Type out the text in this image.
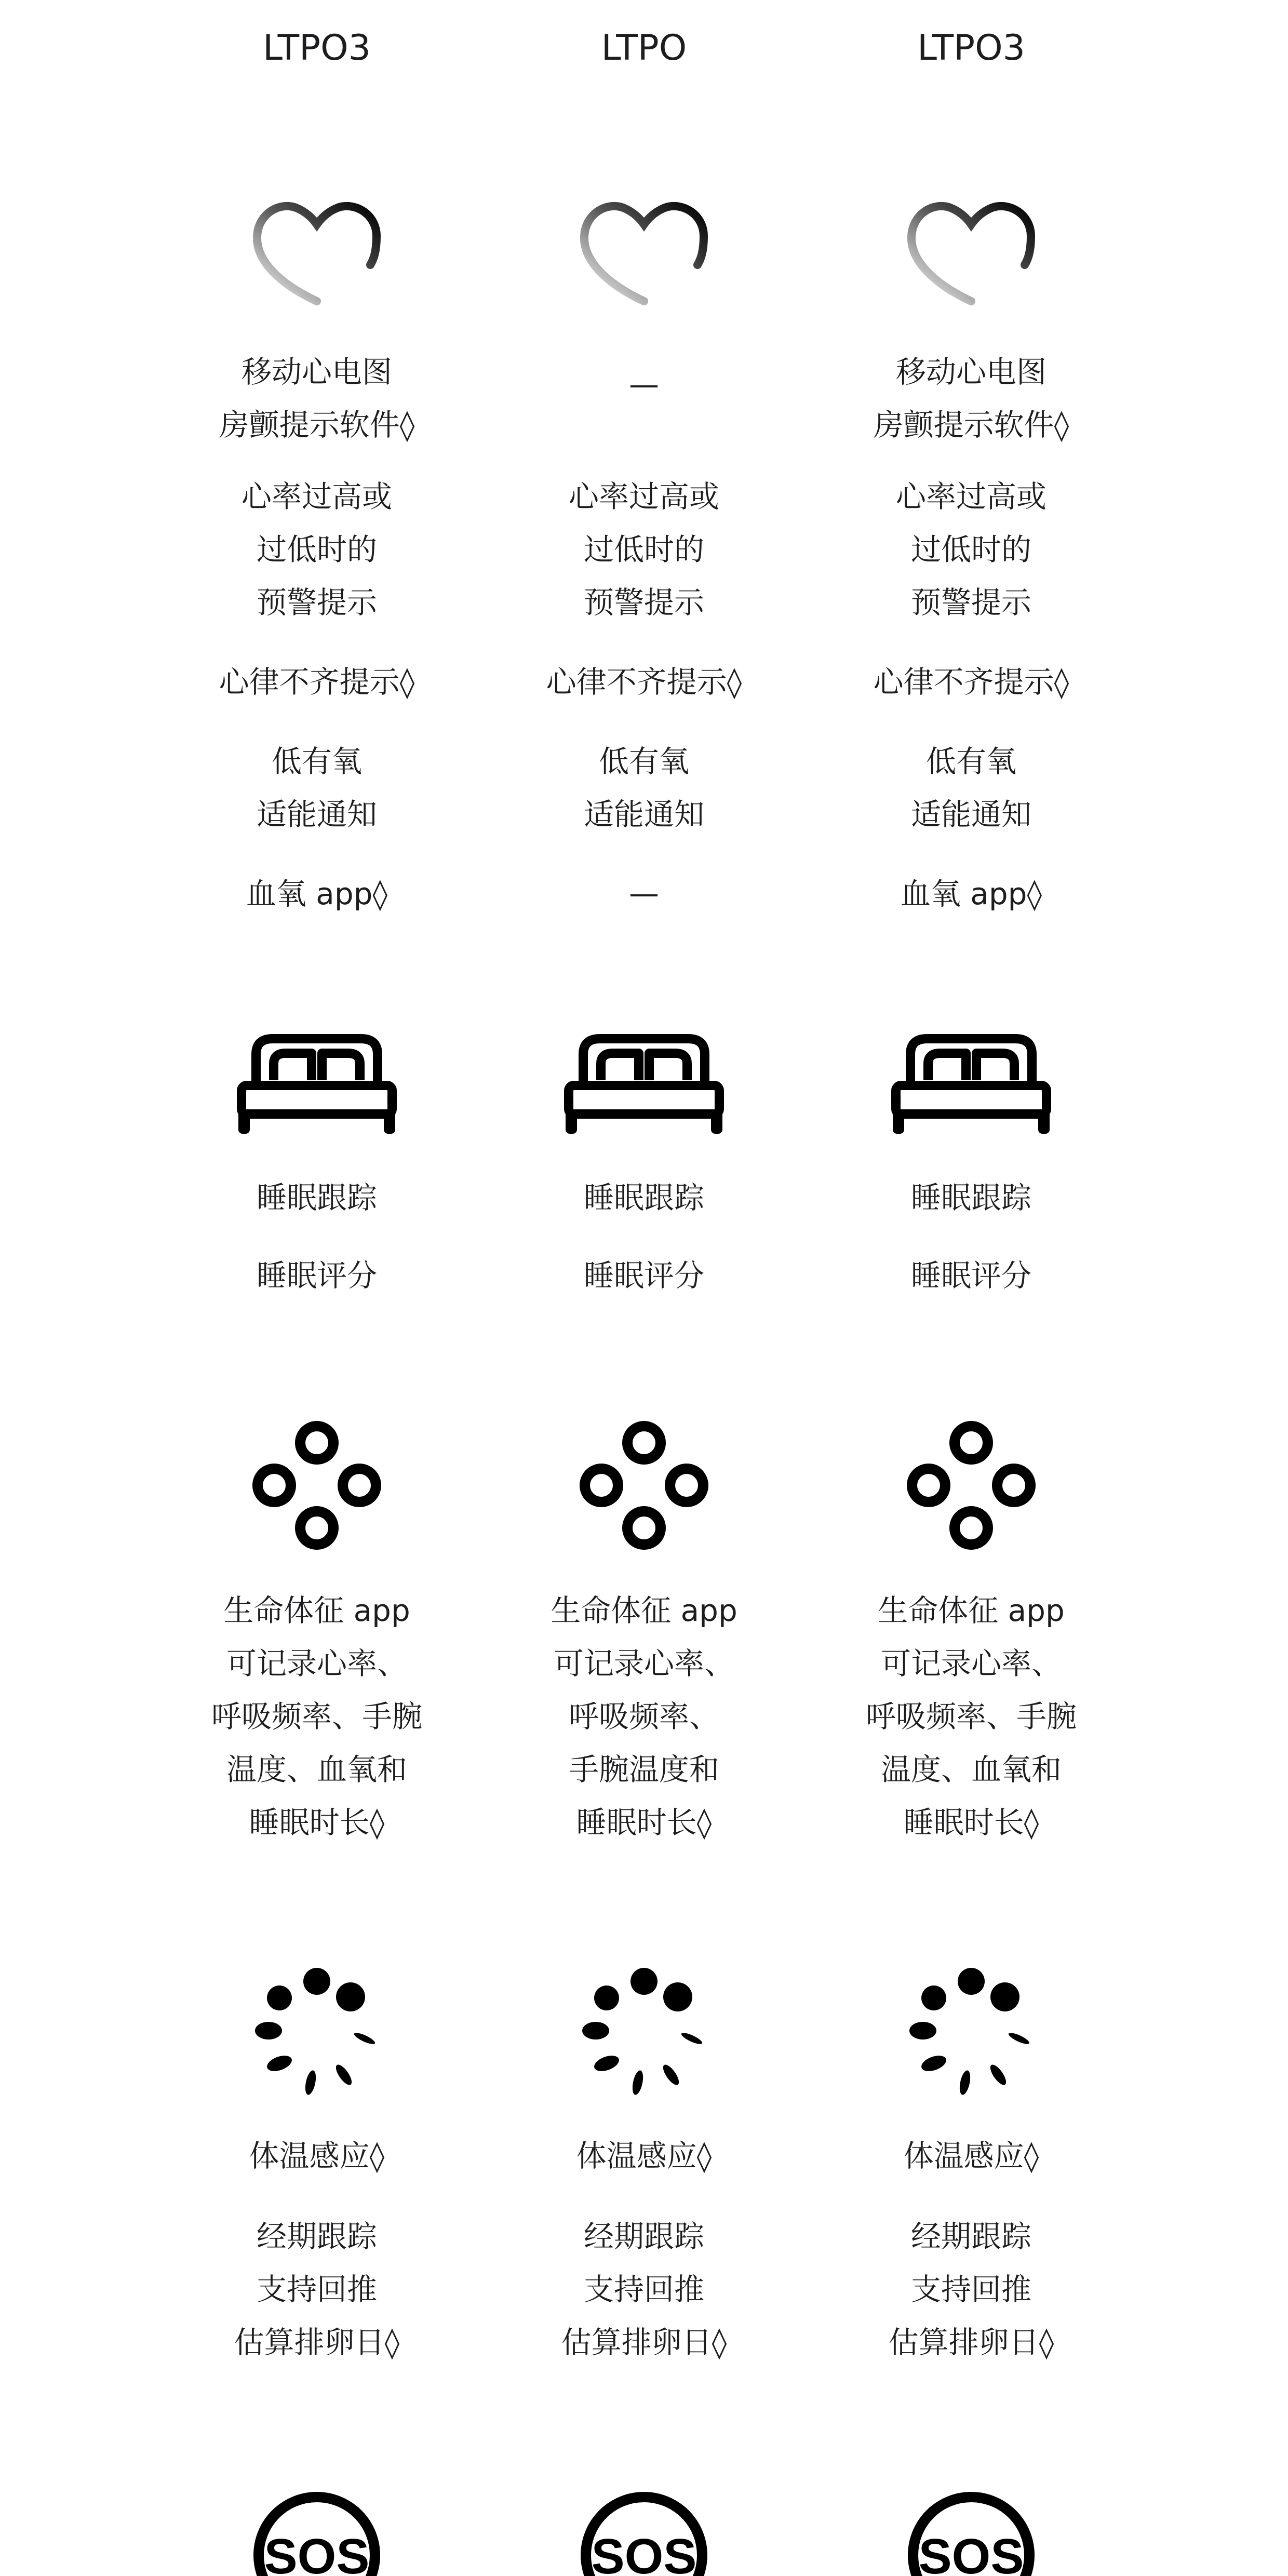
LTPO3
移动心电图
房颤提示软件◊
心率过高或
过低时的
预警提示
心律不齐提示◊
低有氧
适能通知
血氧 app◊
睡眠跟踪
睡眠评分
生命体征 app
可记录心率、
呼吸频率、手腕
温度、血氧和
睡眠时长◊
体温感应◊
经期跟踪
支持回推
估算排卵日◊
SOS
LTPO
—
心率过高或
过低时的
预警提示
心律不齐提示◊
低有氧
适能通知
—
睡眠跟踪
睡眠评分
生命体征 app
可记录心率、
呼吸频率、
手腕温度和
睡眠时长◊
体温感应◊
经期跟踪
支持回推
估算排卵日◊
SOS
LTPO3
移动心电图
房颤提示软件◊
心率过高或
过低时的
预警提示
心律不齐提示◊
低有氧
适能通知
血氧 app◊
睡眠跟踪
睡眠评分
生命体征 app
可记录心率、
呼吸频率、手腕
温度、血氧和
睡眠时长◊
体温感应◊
经期跟踪
支持回推
估算排卵日◊
SOS
